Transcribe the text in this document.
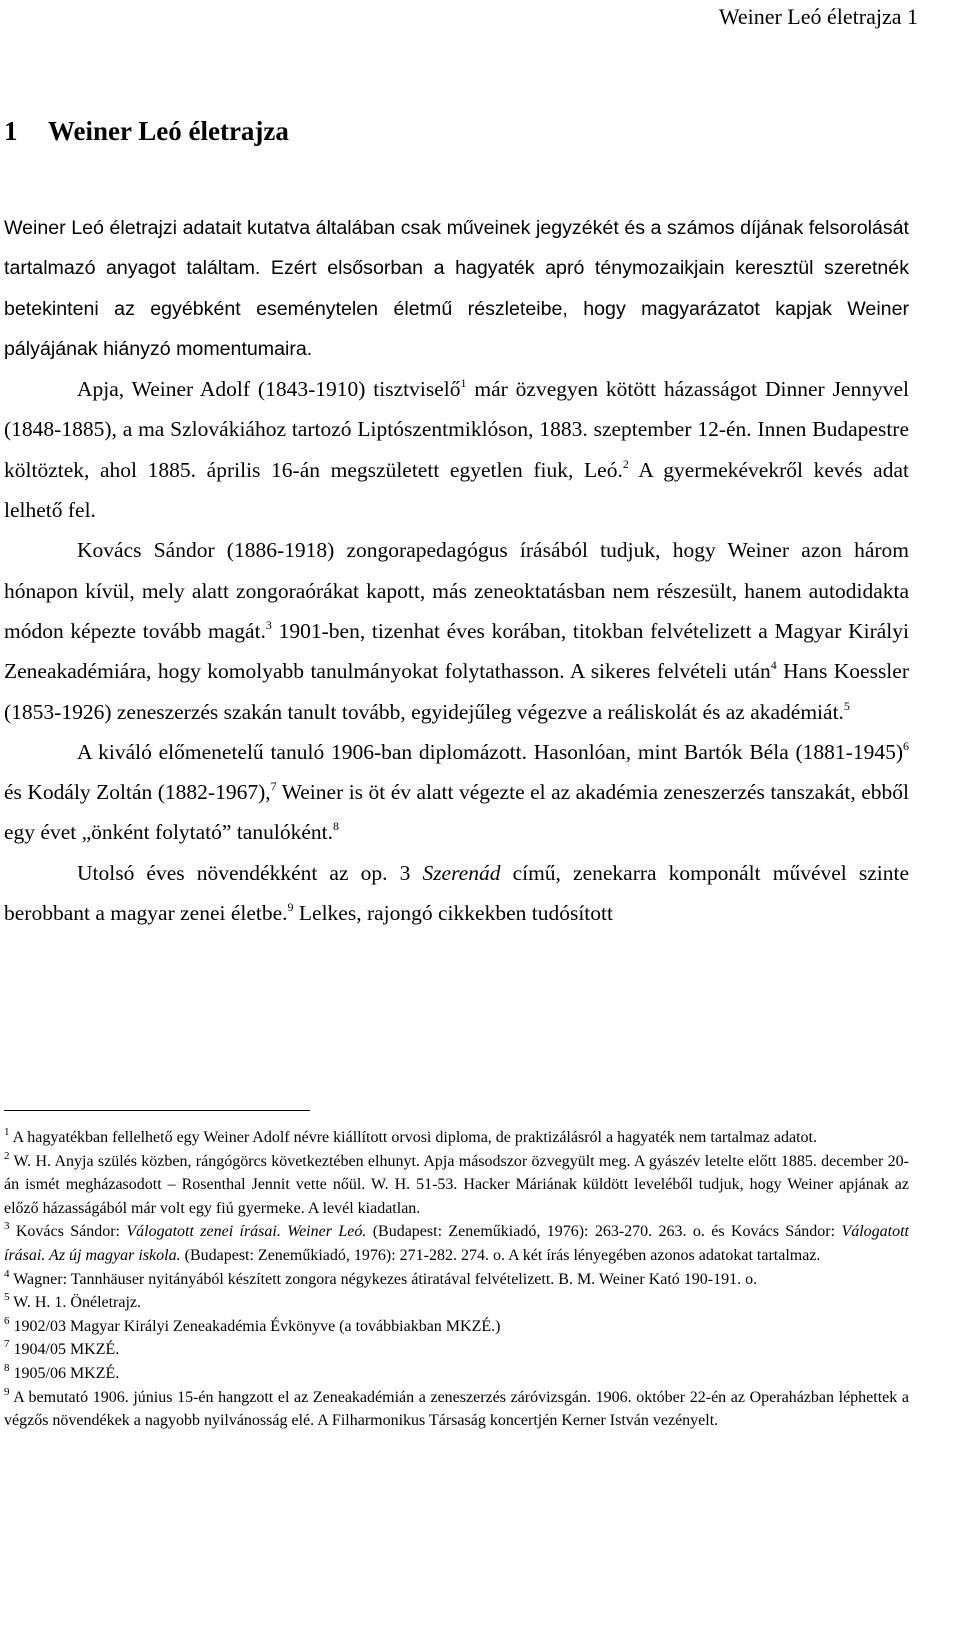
Weiner Leó életrajza 1
1 Weiner Leó életrajza

Weiner Leó életrajzi adatait kutatva általában csak műveinek jegyzékét és a számos díjának felsorolását tartalmazó anyagot találtam. Ezért elsősorban a hagyaték apró ténymozaikjain keresztül szeretnék betekinteni az egyébként eseménytelen életmű részleteibe, hogy magyarázatot kapjak Weiner pályájának hiányzó momentumaira.

Apja, Weiner Adolf (1843-1910) tisztviselő$^1$ már özvegyen kötött házasságot Dinner Jennyvel (1848-1885), a ma Szlovákiához tartozó Liptószentmiklóson, 1883. szeptember 12-én. Innen Budapestre költöztek, ahol 1885. április 16-án megszületett egyetlen fiuk, Leó.$^2$ A gyermekévekről kevés adat lelhető fel.

Kovács Sándor (1886-1918) zongorapedagógus írásából tudjuk, hogy Weiner azon három hónapon kívül, mely alatt zongoraórákat kapott, más zeneoktatásban nem részesült, hanem autodidakta módon képezte tovább magát.$^3$ 1901-ben, tizenhat éves korában, titokban felvételizett a Magyar Királyi Zeneakadémiára, hogy komolyabb tanulmányokat folytathasson. A sikeres felvételi után$^4$ Hans Koessler (1853-1926) zeneszerzés szakán tanult tovább, egyidejűleg végezve a reáliskolát és az akadémiát.$^5$

A kiváló előmenetelű tanuló 1906-ban diplomázott. Hasonlóan, mint Bartók Béla (1881-1945)$^6$ és Kodály Zoltán (1882-1967),$^7$ Weiner is öt év alatt végezte el az akadémia zeneszerzés tanszakát, ebből egy évet „önként folytató” tanulóként.$^8$

Utolsó éves növendékként az op. 3 Szerenád című, zenekarra komponált művével szinte berobbant a magyar zenei életbe.$^9$ Lelkes, rajongó cikkekben tudósított

$^1$ A hagyatékban fellelhető egy Weiner Adolf névre kiállított orvosi diploma, de praktizálásról a hagyaték nem tartalmaz adatot.

$^2$ W. H. Anyja szülés közben, rángógörcs következtében elhunyt. Apja másodszor özvegyült meg. A gyászév letelte előtt 1885. december 20-án ismét megházasodott – Rosenthal Jennit vette nőül. W. H. 51-53. Hacker Máriának küldött leveléből tudjuk, hogy Weiner apjának az előző házasságából már volt egy fiú gyermeke. A levél kiadatlan.

$^3$ Kovács Sándor: Válogatott zenei írásai. Weiner Leó. (Budapest: Zeneműkiadó, 1976): 263-270. 263. o. és Kovács Sándor: Válogatott írásai. Az új magyar iskola. (Budapest: Zeneműkiadó, 1976): 271-282. 274. o. A két írás lényegében azonos adatokat tartalmaz.

$^4$ Wagner: Tannhäuser nyitányából készített zongora négykezes átiratával felvételizett. B. M. Weiner Kató 190-191. o.

$^5$ W. H. 1. Önéletrajz.

$^6$ 1902/03 Magyar Királyi Zeneakadémia Évkönyve (a továbbiakban MKZÉ.)

$^7$ 1904/05 MKZÉ.

$^8$ 1905/06 MKZÉ.

$^9$ A bemutató 1906. június 15-én hangzott el az Zeneakadémián a zeneszerzés záróvizsgán. 1906. október 22-én az Operaházban léphettek a végzős növendékek a nagyobb nyilvánosság elé. A Filharmonikus Társaság koncertjén Kerner István vezényelt.
